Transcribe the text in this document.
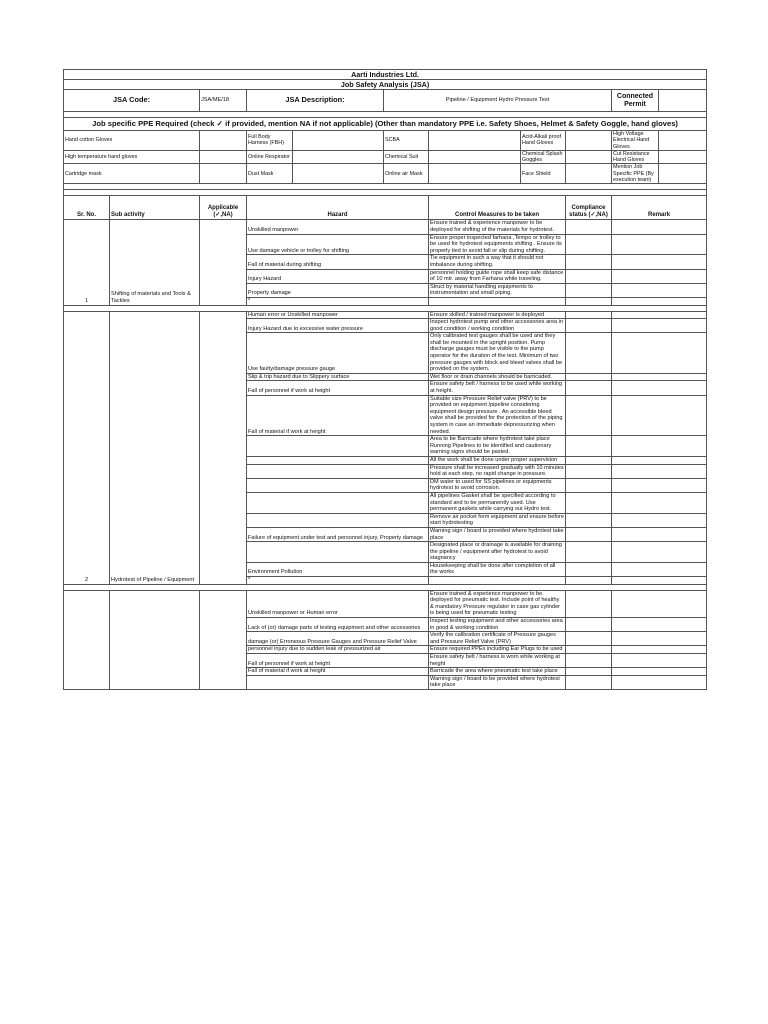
Aarti Industries Ltd.										
Job Safety Analysis (JSA)										
JSA Code:		JSA/ME/18	JSA Description:		Pipeline / Equipment Hydro Pressure Test				Connected Permit	

Job specific PPE Required (check ✓ if provided, mention NA if not applicable) (Other than mandatory PPE i.e. Safety Shoes, Helmet & Safety Goggle, hand gloves)										
Hand cotton Gloves			Full Body Harness (FBH)		SCBA		Acid-Alkali proof Hand Gloves		High Voltage Electrical Hand Gloves	
High temperature hand gloves			Online Respirator		Chemical Suit		Chemical Splash Goggles		Cut Resistance Hand Gloves	
Cartridge mask			Dust Mask		Online air Mask		Face Shield		Mention Job Specific PPE (By execution team)	

Sr. No.	Sub activity	Applicable (✓,NA)	Hazard			Control Measures to be taken		Compliance status (✓,NA)	Remark	
1	Shifting of materials and Tools & Tackles		Unskilled manpower			Ensure trained & experience manpower to be deployed for shifting of the materials for hydrotest.				
			Use damage vehicle or trolley for shifting			Ensure proper inspected farhana ,Tempo or trolley to be used for hydrotest equipments shifting . Ensure its properly tied to avoid fall or slip during shifting.				
			Fall of material during shifting			Tie equipment in such a way that it should not imbalance during shifting.				
			Injury Hazard			personnel holding guide rope shall keep safe distance of 10 mtr. away from Farhana while traveling.				
			Property damage			Struct by material handling equipments to instrumentation and small piping.				
			*							

2	Hydrotest of Pipeline / Equipment		Human error or Unskilled manpower			Ensure skilled / trained manpower is deployed				
			Injury Hazard due to excessive water pressure			Inspect hydrotest pump and other accessories area in good condition / working condition				
			Use faulty/damage pressure gauge			Only calibrated test gauges shall be used and they shall be mounted in the upright position. Pump discharge gauges must be visible to the pump operator for the duration of the test. Minimum of two pressure gauges with block and bleed valves shall be provided on the system.				
			Slip & trip hazard due to Slippery surface			Wet floor or drain channels should be barricaded.				
			Fall of personnel if work at height			Ensure safety belt / harness to be used while working at height.				
			Fall of material if work at height			Suitable size Pressure Relief valve (PRV) to be provided on equipment /pipeline considering equipment design pressure . An accessible bleed valve shall be provided for the protection of the piping system in case an immediate depressurizing when needed.				
						Area to be Barricade where hydrotest take place Running Pipelines to be identified and cautionary warning signs should be pasted.				
						All the work shall be done under proper supervision				
						Pressure shall be increased gradually with 10 minutes hold at each step, no rapid change in pressure.				
						DM water to used for SS pipelines or equipments hydrotest to avoid corrosion.				
						All pipelines Gasket shall be specified according to standard and to be permanently used. Use permanent gaskets while carrying out Hydro test.				
						Remove air pocket form equipment and ensure before start hydrotesting				
			Failure of equipment under test and personnel injury, Property damage			Warning sign / board is provided where hydrotest take place				
						Designated place or drainage is available for draining the pipeline / equipment after hydrotest to avoid stagnancy				
			Environment Pollution			Housekeeping shall be done after completion of all the works				
			*							

			Unskilled manpower or Human error			Ensure trained & experience manpower to be deployed for pneumatic test. Include point of healthy & mandatory Pressure regulator in case gas cylinder is being used for pneumatic testing				
			Lack of (or) damage parts of testing equipment and other accessories			Inspect testing equipment and other accessories area in good & working condition				
			damage (or) Erroneous Pressure Gauges and Pressure Relief Valve			Verify the calibration certificate of Pressure gauges and Pressure Relief Valve (PRV)				
			personnel injury due to sudden leak of pressurized air			Ensure required PPEs including Ear Plugs to be used				
			Fall of personnel if work at height			Ensure safety belt / harness is worn while working at height				
			Fall of material if work at height			Barricade the area where pneumatic test take place				
						Warning sign / board to be provided where hydrotest take place				
